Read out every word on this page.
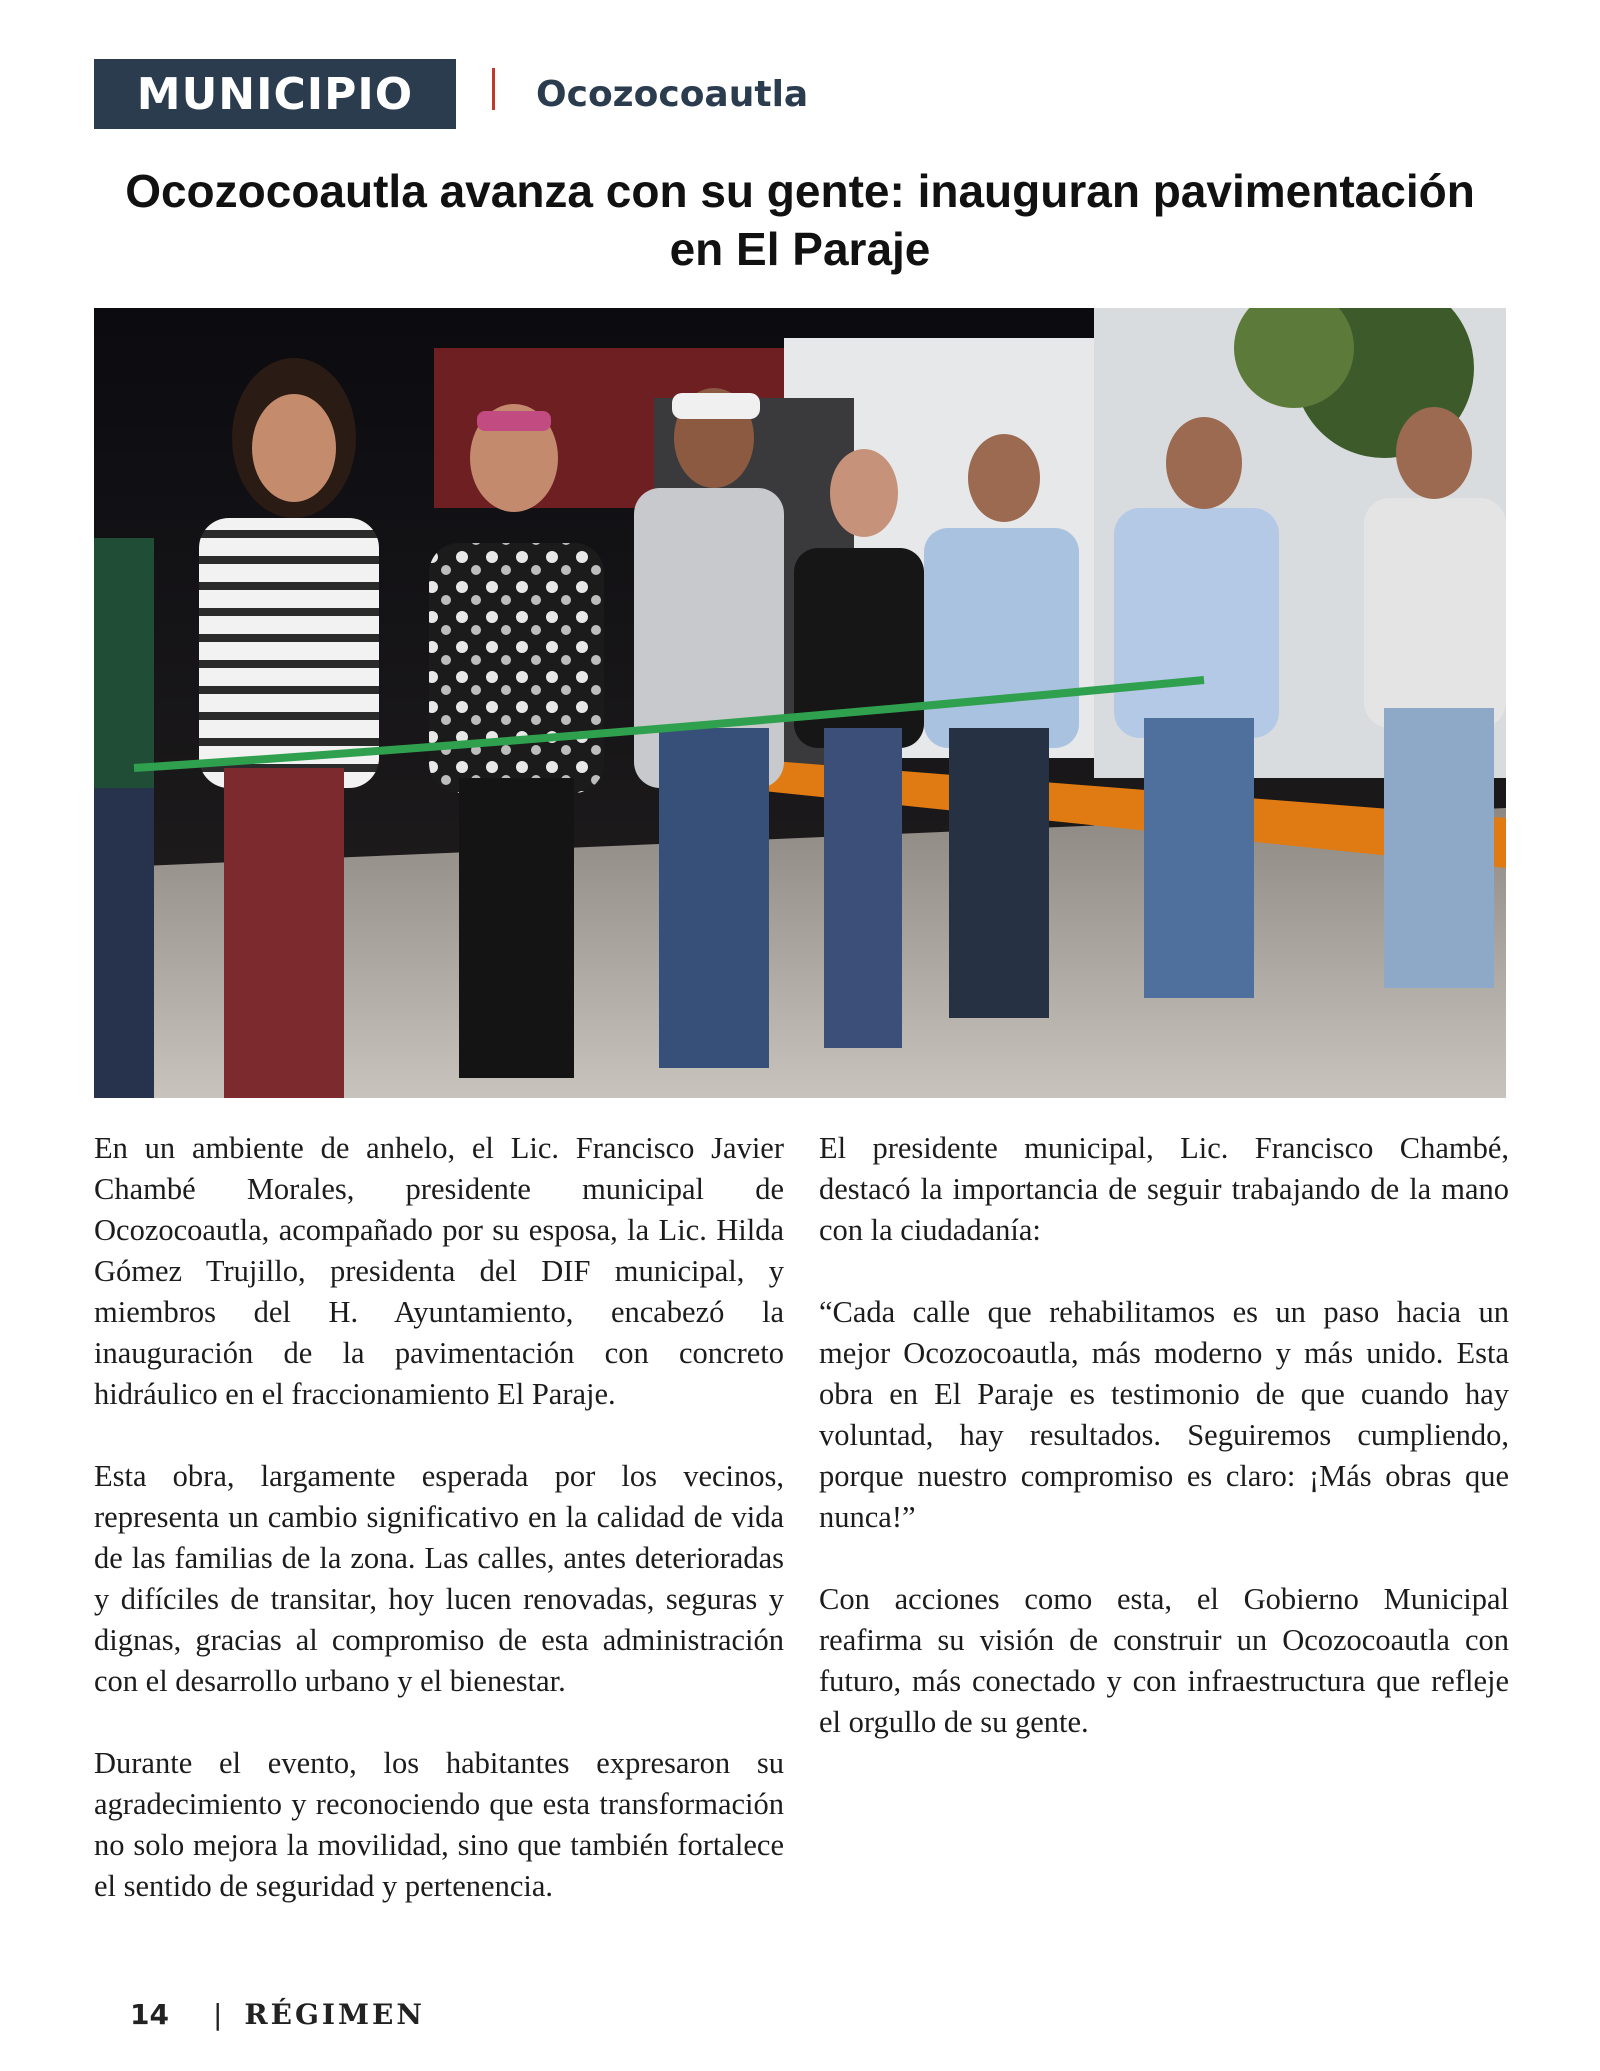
MUNICIPIO	Ocozocoautla
Ocozocoautla avanza con su gente: inauguran pavimentación en El Paraje

En un ambiente de anhelo, el Lic. Francisco Javier Chambé Morales, presidente municipal de Ocozocoautla, acompañado por su esposa, la Lic. Hilda Gómez Trujillo, presidenta del DIF municipal, y miembros del H. Ayuntamiento, encabezó la inauguración de la pavimentación con concreto hidráulico en el fraccionamiento El Paraje.

Esta obra, largamente esperada por los vecinos, representa un cambio significativo en la calidad de vida de las familias de la zona. Las calles, antes deterioradas y difíciles de transitar, hoy lucen renovadas, seguras y dignas, gracias al compromiso de esta administración con el desarrollo urbano y el bienestar.

Durante el evento, los habitantes expresaron su agradecimiento y reconociendo que esta transformación no solo mejora la movilidad, sino que también fortalece el sentido de seguridad y pertenencia.

El presidente municipal, Lic. Francisco Chambé, destacó la importancia de seguir trabajando de la mano con la ciudadanía:

“Cada calle que rehabilitamos es un paso hacia un mejor Ocozocoautla, más moderno y más unido. Esta obra en El Paraje es testimonio de que cuando hay voluntad, hay resultados. Seguiremos cumpliendo, porque nuestro compromiso es claro: ¡Más obras que nunca!”

Con acciones como esta, el Gobierno Municipal reafirma su visión de construir un Ocozocoautla con futuro, más conectado y con infraestructura que refleje el orgullo de su gente.

14 | RÉGIMEN
